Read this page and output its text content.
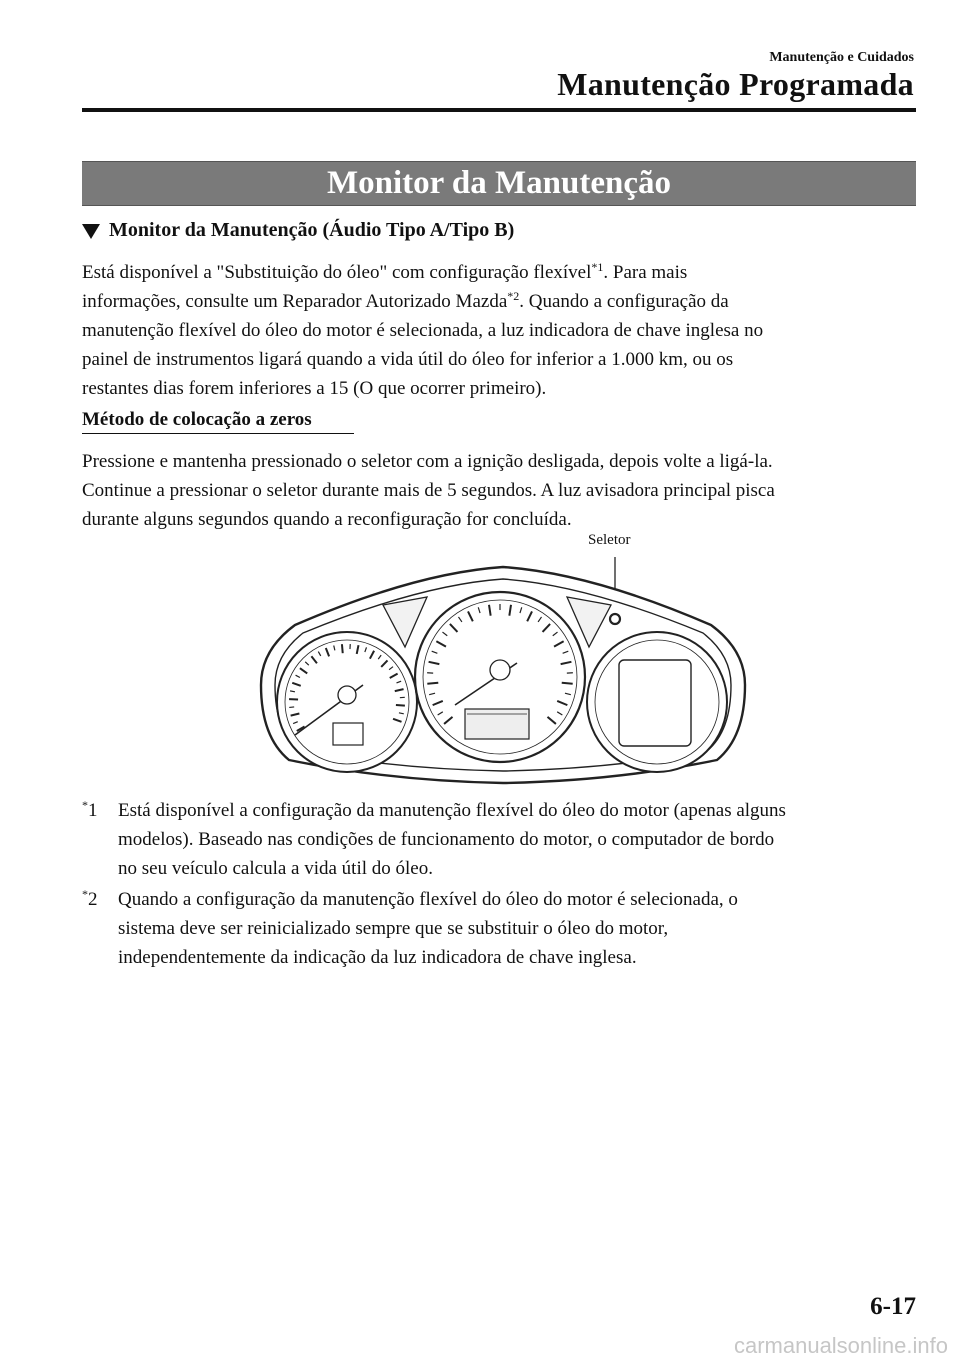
Manutenção e Cuidados
Manutenção Programada
Monitor da Manutenção
Monitor da Manutenção (Áudio Tipo A/Tipo B)
Está disponível a "Substituição do óleo" com configuração flexível$^{*1}$. Para mais
informações, consulte um Reparador Autorizado Mazda$^{*2}$. Quando a configuração da
manutenção flexível do óleo do motor é selecionada, a luz indicadora de chave inglesa no
painel de instrumentos ligará quando a vida útil do óleo for inferior a 1.000 km, ou os
restantes dias forem inferiores a 15 (O que ocorrer primeiro).
Método de colocação a zeros
Pressione e mantenha pressionado o seletor com a ignição desligada, depois volte a ligá-la.
Continue a pressionar o seletor durante mais de 5 segundos. A luz avisadora principal pisca
durante alguns segundos quando a reconfiguração for concluída.
Seletor
*1 Está disponível a configuração da manutenção flexível do óleo do motor (apenas alguns
modelos). Baseado nas condições de funcionamento do motor, o computador de bordo
no seu veículo calcula a vida útil do óleo.
*2 Quando a configuração da manutenção flexível do óleo do motor é selecionada, o
sistema deve ser reinicializado sempre que se substituir o óleo do motor,
independentemente da indicação da luz indicadora de chave inglesa.
6-17
carmanualsonline.info
